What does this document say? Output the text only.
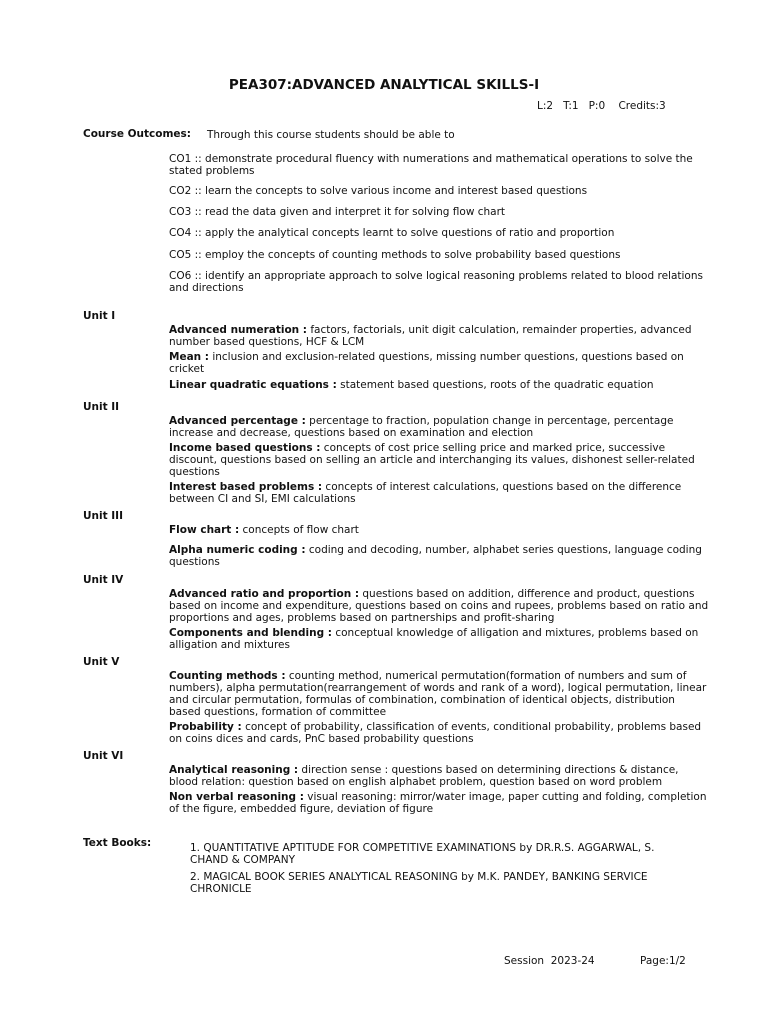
PEA307:ADVANCED ANALYTICAL SKILLS-I
L:2   T:1   P:0    Credits:3
Course Outcomes: Through this course students should be able to
CO1 :: demonstrate procedural fluency with numerations and mathematical operations to solve the stated problems
CO2 :: learn the concepts to solve various income and interest based questions
CO3 :: read the data given and interpret it for solving flow chart
CO4 :: apply the analytical concepts learnt to solve questions of ratio and proportion
CO5 :: employ the concepts of counting methods to solve probability based questions
CO6 :: identify an appropriate approach to solve logical reasoning problems related to blood relations and directions
Unit I
Advanced numeration : factors, factorials, unit digit calculation, remainder properties, advanced number based questions, HCF & LCM
Mean : inclusion and exclusion-related questions, missing number questions, questions based on cricket
Linear quadratic equations : statement based questions, roots of the quadratic equation
Unit II
Advanced percentage : percentage to fraction, population change in percentage, percentage increase and decrease, questions based on examination and election
Income based questions : concepts of cost price selling price and marked price, successive discount, questions based on selling an article and interchanging its values, dishonest seller-related questions
Interest based problems : concepts of interest calculations, questions based on the difference between CI and SI, EMI calculations
Unit III
Flow chart : concepts of flow chart
Alpha numeric coding : coding and decoding, number, alphabet series questions, language coding questions
Unit IV
Advanced ratio and proportion : questions based on addition, difference and product, questions based on income and expenditure, questions based on coins and rupees, problems based on ratio and proportions and ages, problems based on partnerships and profit-sharing
Components and blending : conceptual knowledge of alligation and mixtures, problems based on alligation and mixtures
Unit V
Counting methods : counting method, numerical permutation(formation of numbers and sum of numbers), alpha permutation(rearrangement of words and rank of a word), logical permutation, linear and circular permutation, formulas of combination, combination of identical objects, distribution based questions, formation of committee
Probability : concept of probability, classification of events, conditional probability, problems based on coins dices and cards, PnC based probability questions
Unit VI
Analytical reasoning : direction sense : questions based on determining directions & distance, blood relation: question based on english alphabet problem, question based on word problem
Non verbal reasoning : visual reasoning: mirror/water image, paper cutting and folding, completion of the figure, embedded figure, deviation of figure
Text Books:	1. QUANTITATIVE APTITUDE FOR COMPETITIVE EXAMINATIONS by DR.R.S. AGGARWAL, S. CHAND & COMPANY
2. MAGICAL BOOK SERIES ANALYTICAL REASONING by M.K. PANDEY, BANKING SERVICE CHRONICLE
Session  2023-24	Page:1/2
